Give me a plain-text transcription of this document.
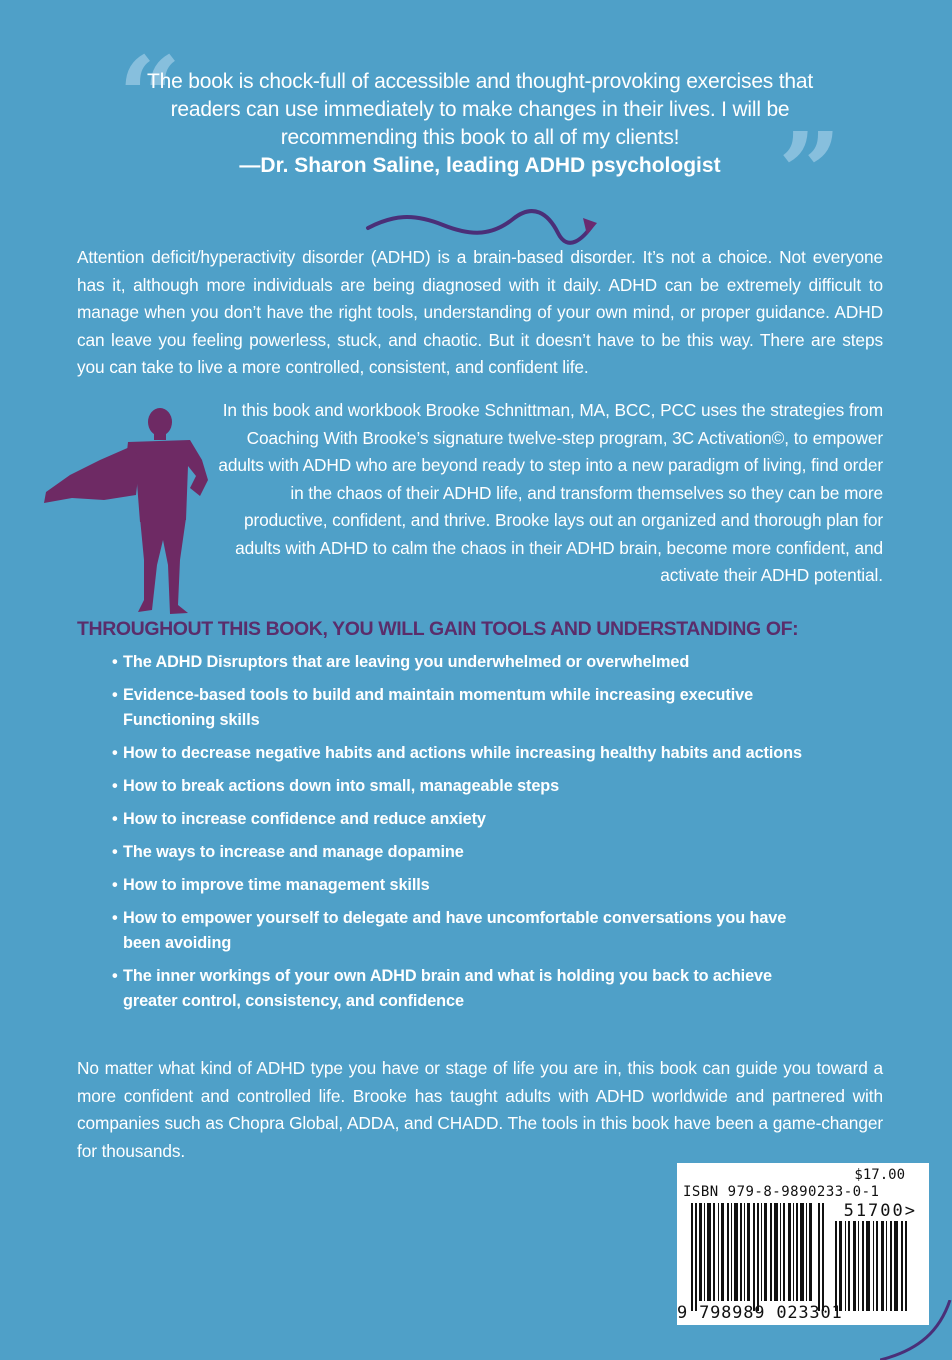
“
”
The book is chock-full of accessible and thought-provoking exercises that readers can use immediately to make changes in their lives. I will be recommending this book to all of my clients!
—Dr. Sharon Saline, leading ADHD psychologist
Attention deficit/hyperactivity disorder (ADHD) is a brain-based disorder. It’s not a choice. Not everyone has it, although more individuals are being diagnosed with it daily. ADHD can be extremely difficult to manage when you don’t have the right tools, understanding of your own mind, or proper guidance. ADHD can leave you feeling powerless, stuck, and chaotic. But it doesn’t have to be this way. There are steps you can take to live a more controlled, consistent, and confident life.
In this book and workbook Brooke Schnittman, MA, BCC, PCC uses the strategies from Coaching With Brooke’s signature twelve-step program, 3C Activation©, to empower adults with ADHD who are beyond ready to step into a new paradigm of living, find order in the chaos of their ADHD life, and transform themselves so they can be more productive, confident, and thrive. Brooke lays out an organized and thorough plan for adults with ADHD to calm the chaos in their ADHD brain, become more confident, and activate their ADHD potential.
THROUGHOUT THIS BOOK, YOU WILL GAIN TOOLS AND UNDERSTANDING OF:
• The ADHD Disruptors that are leaving you underwhelmed or overwhelmed
• Evidence-based tools to build and maintain momentum while increasing executive Functioning skills
• How to decrease negative habits and actions while increasing healthy habits and actions
• How to break actions down into small, manageable steps
• How to increase confidence and reduce anxiety
• The ways to increase and manage dopamine
• How to improve time management skills
• How to empower yourself to delegate and have uncomfortable conversations you have been avoiding
• The inner workings of your own ADHD brain and what is holding you back to achieve greater control, consistency, and confidence
No matter what kind of ADHD type you have or stage of life you are in, this book can guide you toward a more confident and controlled life. Brooke has taught adults with ADHD worldwide and partnered with companies such as Chopra Global, ADDA, and CHADD. The tools in this book have been a game-changer for thousands.
$17.00
ISBN 979-8-9890233-0-1
51700>
9 798989 023301
